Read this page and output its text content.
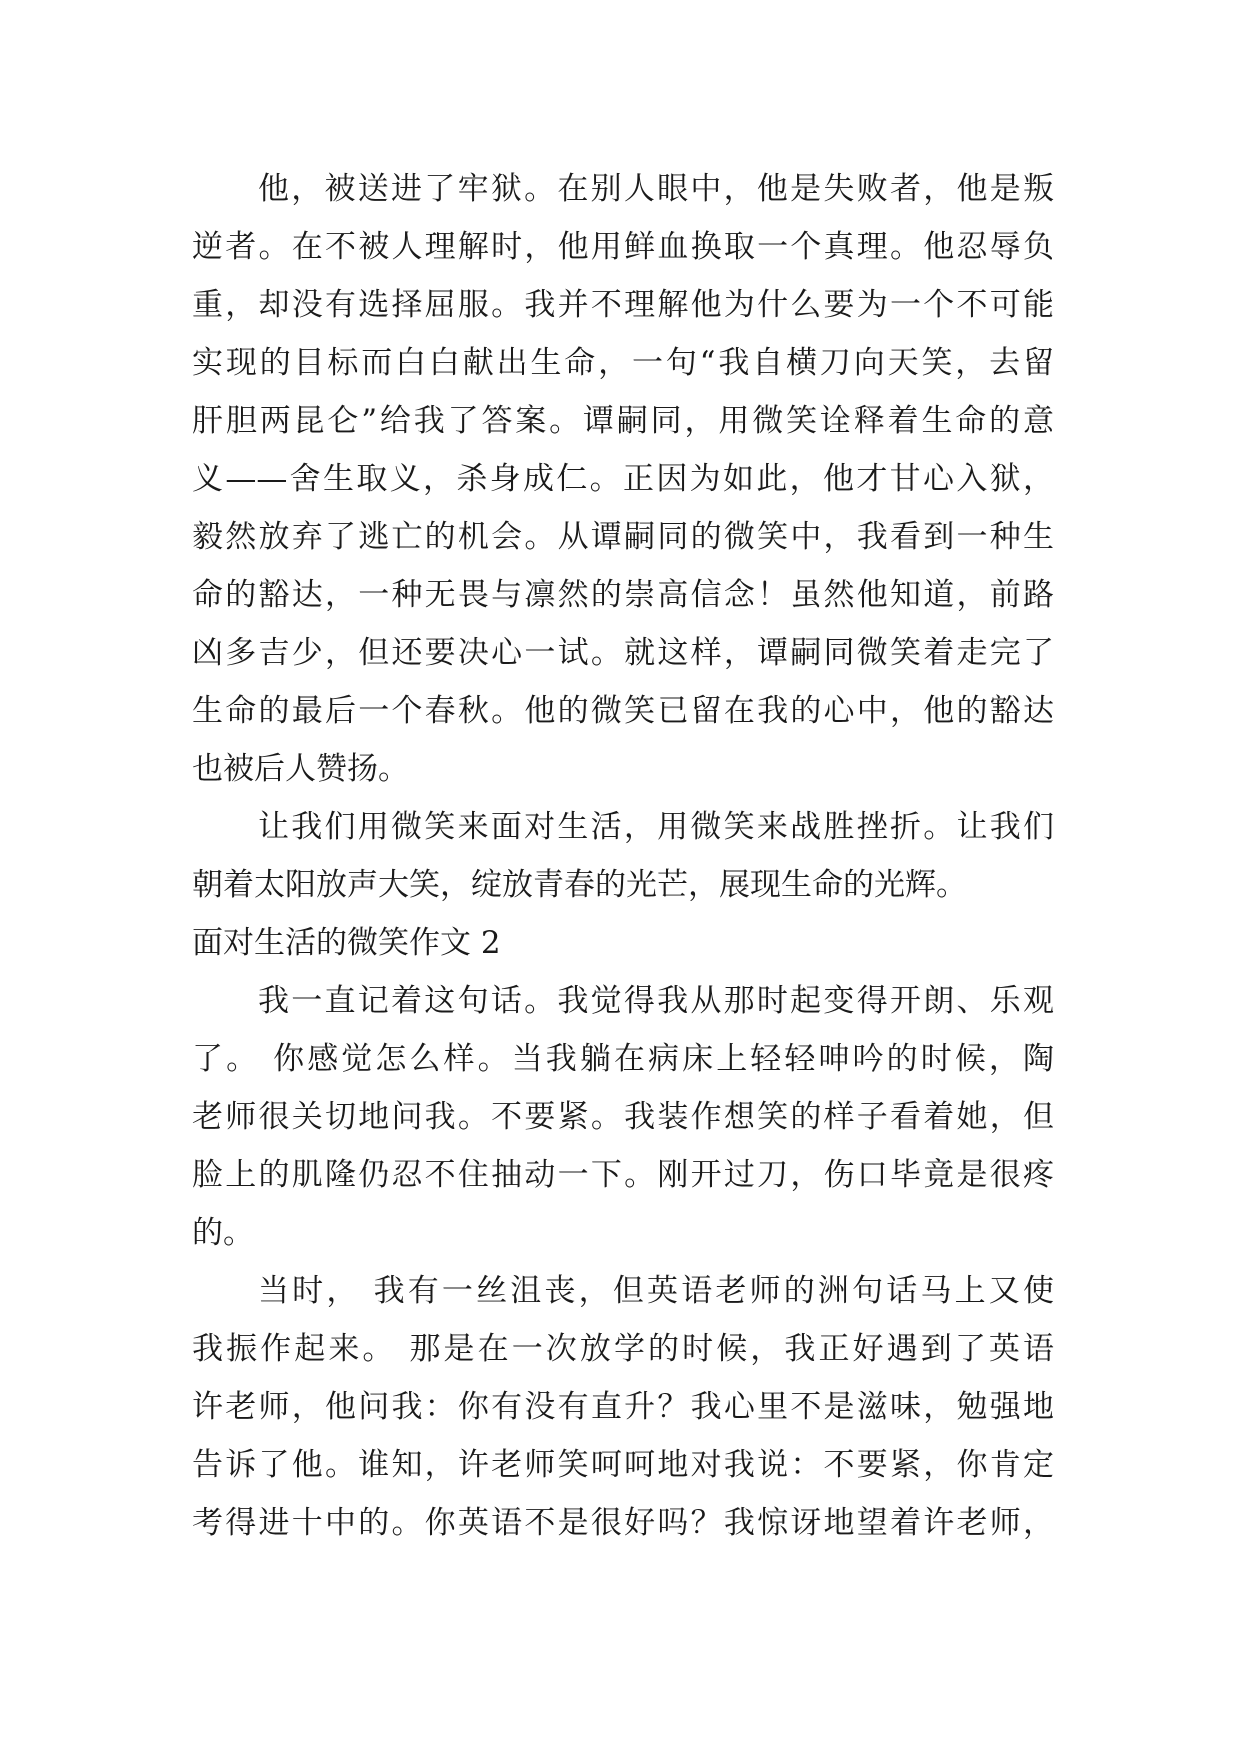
他，被送进了牢狱。在别人眼中，他是失败者，他是叛
逆者。在不被人理解时，他用鲜血换取一个真理。他忍辱负
重，却没有选择屈服。我并不理解他为什么要为一个不可能
实现的目标而白白献出生命，一句“我自横刀向天笑，去留
肝胆两昆仑”给我了答案。谭嗣同，用微笑诠释着生命的意
义——舍生取义，杀身成仁。正因为如此，他才甘心入狱，
毅然放弃了逃亡的机会。从谭嗣同的微笑中，我看到一种生
命的豁达，一种无畏与凛然的崇高信念！虽然他知道，前路
凶多吉少，但还要决心一试。就这样，谭嗣同微笑着走完了
生命的最后一个春秋。他的微笑已留在我的心中，他的豁达
也被后人赞扬。
让我们用微笑来面对生活，用微笑来战胜挫折。让我们
朝着太阳放声大笑，绽放青春的光芒，展现生命的光辉。
面对生活的微笑作文 2
我一直记着这句话。我觉得我从那时起变得开朗、乐观
了。 你感觉怎么样。当我躺在病床上轻轻呻吟的时候，陶
老师很关切地问我。不要紧。我装作想笑的样子看着她，但
脸上的肌隆仍忍不住抽动一下。刚开过刀，伤口毕竟是很疼
的。
当时， 我有一丝沮丧，但英语老师的洲句话马上又使
我振作起来。 那是在一次放学的时候，我正好遇到了英语
许老师，他问我：你有没有直升？我心里不是滋味，勉强地
告诉了他。谁知，许老师笑呵呵地对我说：不要紧，你肯定
考得进十中的。你英语不是很好吗？我惊讶地望着许老师，
